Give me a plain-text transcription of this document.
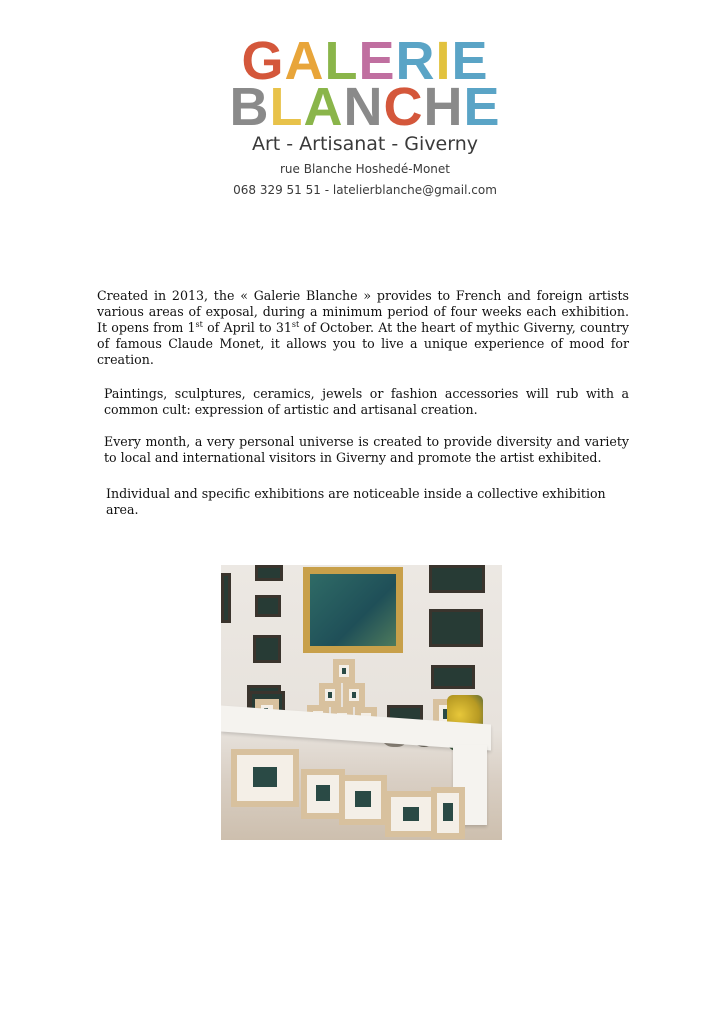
GALERIE
BLANCHE
Art - Artisanat - Giverny
rue Blanche Hoshedé-Monet
068 329 51 51 - latelierblanche@gmail.com

Created in 2013, the « Galerie Blanche » provides to French and foreign artists various areas of exposal, during a minimum period of four weeks each exhibition. It opens from 1st of April to 31st of October. At the heart of mythic Giverny, country of famous Claude Monet, it allows you to live a unique experience of mood for creation.

Paintings, sculptures, ceramics, jewels or fashion accessories will rub with a common cult: expression of artistic and artisanal creation.

Every month, a very personal universe is created to provide diversity and variety to local and international visitors in Giverny and promote the artist exhibited.

Individual and specific exhibitions are noticeable inside a collective exhibition area.
